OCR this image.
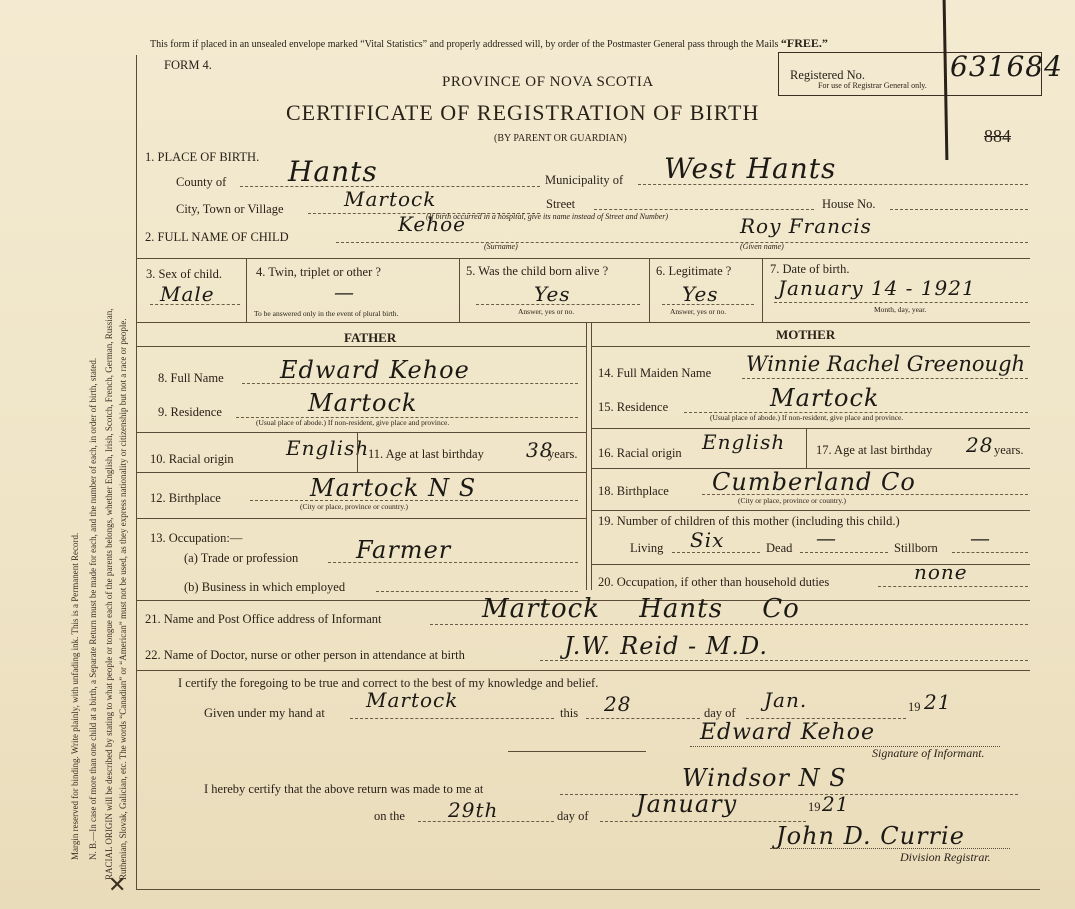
Margin reserved for binding. Write plainly, with unfading ink. This is a Permanent Record. N. B.—In case of more than one child at a birth, a Separate Return must be made for each, and the number of each, in order of birth, stated. RACIAL ORIGIN will be described by stating to what people or tongue each of the parents belongs, whether English, Irish, Scotch, French, German, Russian, Ruthenian, Slovak, Galician, etc. The words “Canadian” or “American” must not be used, as they express nationality or citizenship but not a race or people.
✕
This form if placed in an unsealed envelope marked “Vital Statistics” and properly addressed will, by order of the Postmaster General pass through the Mails “FREE.”
FORM 4.
PROVINCE OF NOVA SCOTIA
CERTIFICATE OF REGISTRATION OF BIRTH
(BY PARENT OR GUARDIAN)
Registered No.
For use of Registrar General only.
631684
884
1. PLACE OF BIRTH.
County of Hants	Municipality of West Hants
City, Town or Village	Martock	Street	House No.
(If birth occurred in a hospital, give its name instead of Street and Number)
2. FULL NAME OF CHILD
Kehoe
(Surname)
Roy Francis
(Given name)
3. Sex of child.
Male
4. Twin, triplet or other ?
—
To be answered only in the event of plural birth.
5. Was the child born alive ?
Yes
Answer, yes or no.
6. Legitimate ?
Yes
Answer, yes or no.
7. Date of birth.
January 14 - 1921
Month, day, year.
FATHER	MOTHER
8. Full Name Edward Kehoe
9. Residence	Martock
(Usual place of abode.) If non-resident, give place and province.
10. Racial origin	English
11. Age at last birthday 38
years.
12. Birthplace	Martock N S
(City or place, province or country.)
13. Occupation:—
(a) Trade or profession Farmer
(b) Business in which employed
14. Full Maiden Name Winnie Rachel Greenough
15. Residence	Martock
(Usual place of abode.) If non-resident, give place and province.
16. Racial origin English 17. Age at last birthday 28 years.
18. Birthplace Cumberland Co
(City or place, province or country.)
19. Number of children of this mother (including this child.)
Living Six	Dead —	Stillborn —
20. Occupation, if other than household duties	none
21. Name and Post Office address of Informant	Martock Hants Co
22. Name of Doctor, nurse or other person in attendance at birth	J.W. Reid - M.D.
I certify the foregoing to be true and correct to the best of my knowledge and belief.
Given under my hand at
Martock
this 28	day of
Jan.	19 21
Edward Kehoe
Signature of Informant.
I hereby certify that the above return was made to me at	Windsor N S
on the 29th	day of January	19 21
John D. Currie
Division Registrar.
